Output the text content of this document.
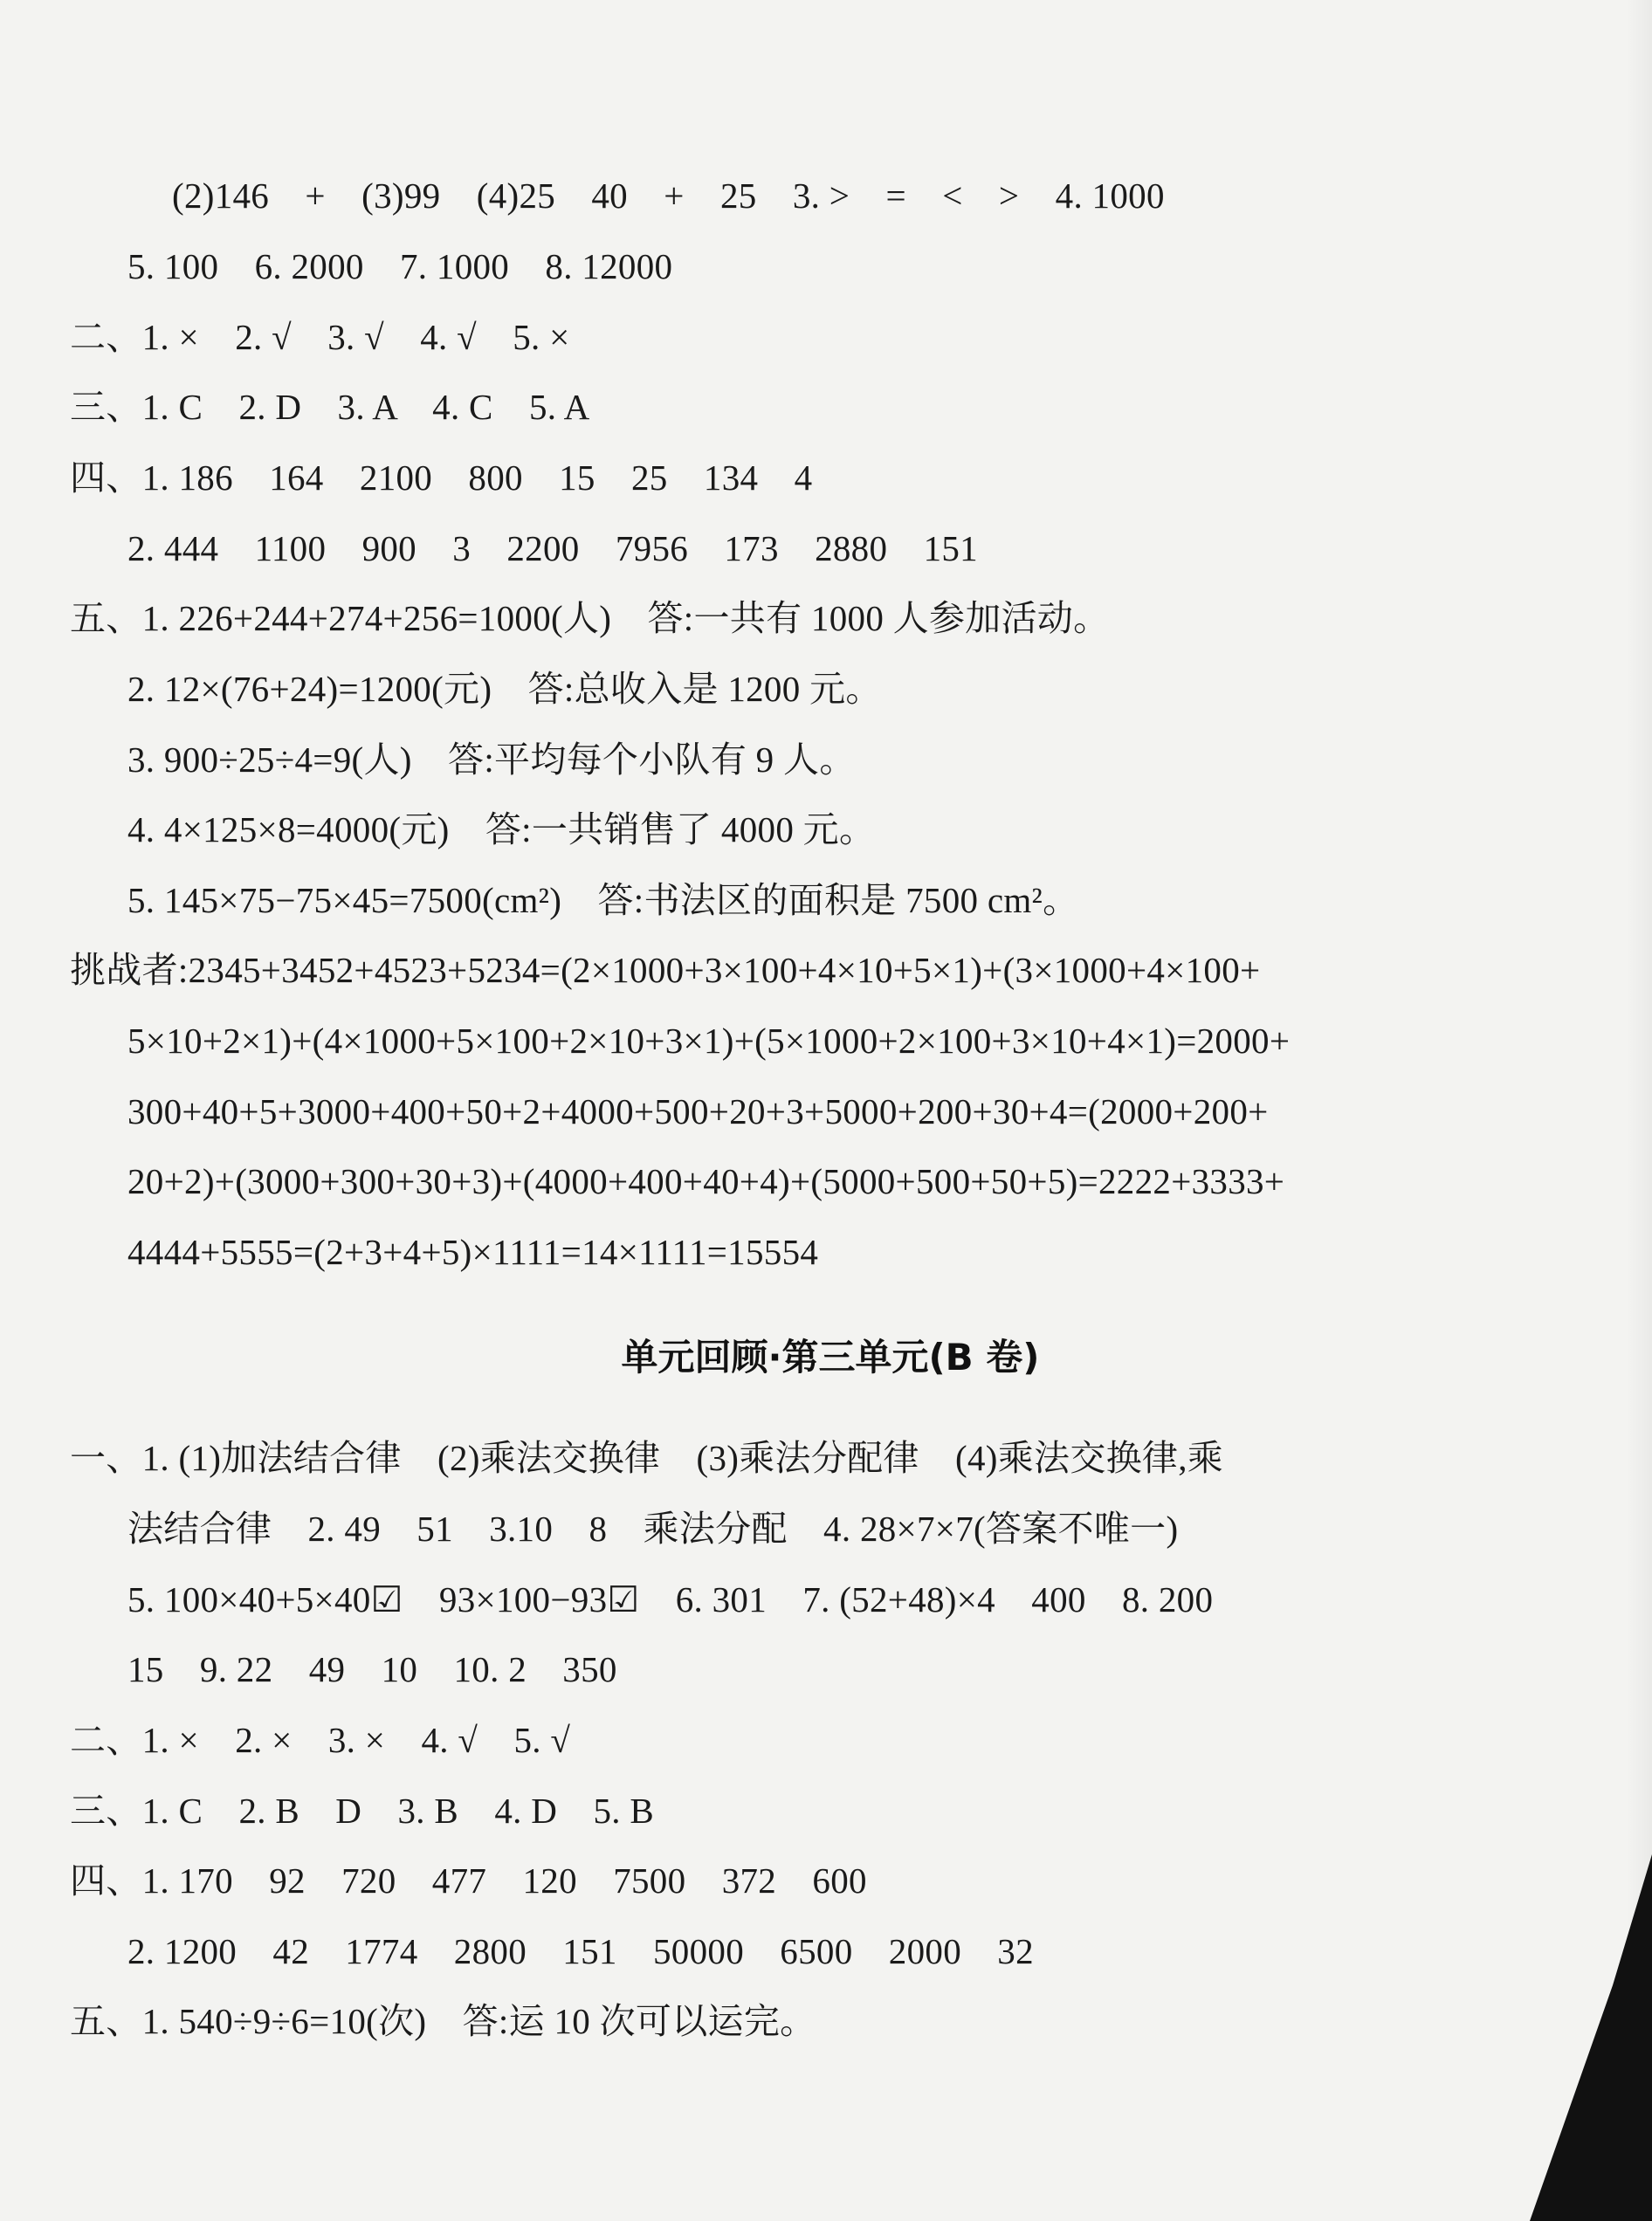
(2)146　+　(3)99　(4)25　40　+　25　3. >　=　<　>　4. 1000
5. 100　6. 2000　7. 1000　8. 12000
二、1. ×　2. √　3. √　4. √　5. ×
三、1. C　2. D　3. A　4. C　5. A
四、1. 186　164　2100　800　15　25　134　4
2. 444　1100　900　3　2200　7956　173　2880　151
五、1. 226+244+274+256=1000(人)　答:一共有 1000 人参加活动。
2. 12×(76+24)=1200(元)　答:总收入是 1200 元。
3. 900÷25÷4=9(人)　答:平均每个小队有 9 人。
4. 4×125×8=4000(元)　答:一共销售了 4000 元。
5. 145×75−75×45=7500(cm²)　答:书法区的面积是 7500 cm²。
挑战者:2345+3452+4523+5234=(2×1000+3×100+4×10+5×1)+(3×1000+4×100+
5×10+2×1)+(4×1000+5×100+2×10+3×1)+(5×1000+2×100+3×10+4×1)=2000+
300+40+5+3000+400+50+2+4000+500+20+3+5000+200+30+4=(2000+200+
20+2)+(3000+300+30+3)+(4000+400+40+4)+(5000+500+50+5)=2222+3333+
4444+5555=(2+3+4+5)×1111=14×1111=15554
单元回顾·第三单元(B 卷)
一、1. (1)加法结合律　(2)乘法交换律　(3)乘法分配律　(4)乘法交换律,乘
法结合律　2. 49　51　3.10　8　乘法分配　4. 28×7×7(答案不唯一)
5. 100×40+5×40☑　93×100−93☑　6. 301　7. (52+48)×4　400　8. 200
15　9. 22　49　10　10. 2　350
二、1. ×　2. ×　3. ×　4. √　5. √
三、1. C　2. B　D　3. B　4. D　5. B
四、1. 170　92　720　477　120　7500　372　600
2. 1200　42　1774　2800　151　50000　6500　2000　32
五、1. 540÷9÷6=10(次)　答:运 10 次可以运完。
